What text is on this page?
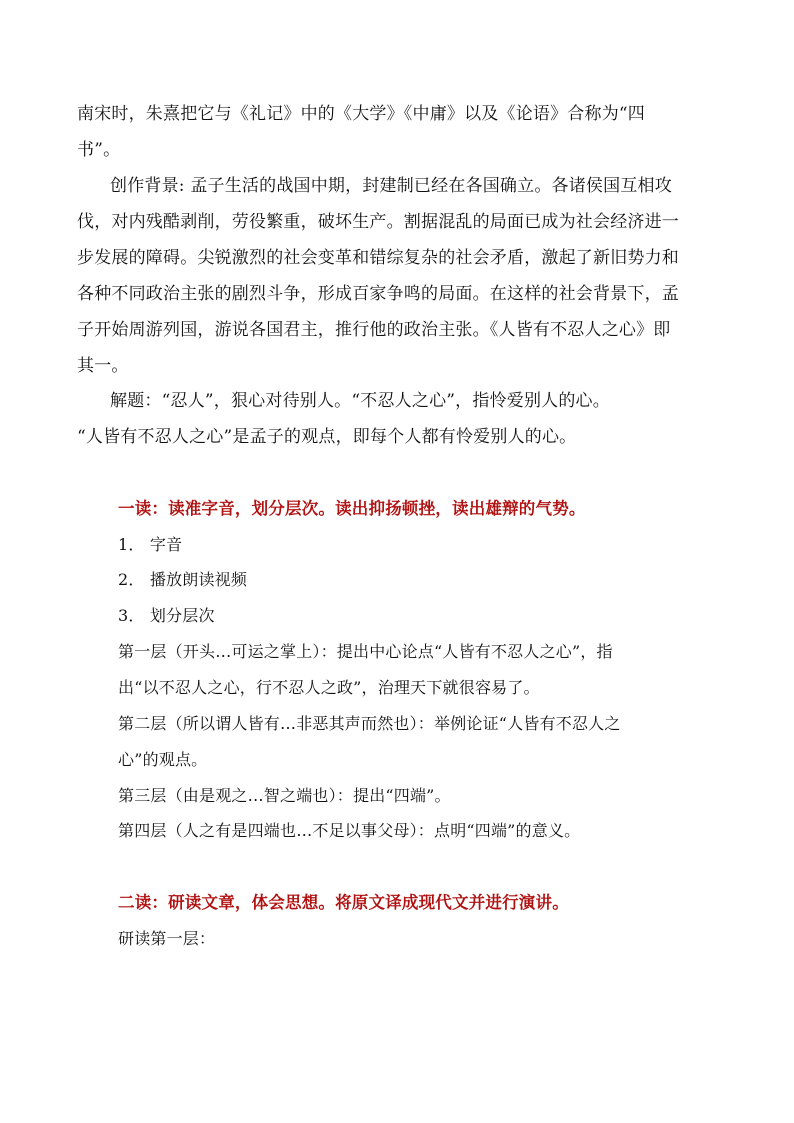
南宋时，朱熹把它与《礼记》中的《大学》《中庸》以及《论语》合称为“四
书”。
创作背景: 孟子生活的战国中期，封建制已经在各国确立。各诸侯国互相攻
伐，对内残酷剥削，劳役繁重，破坏生产。割据混乱的局面已成为社会经济进一
步发展的障碍。尖锐激烈的社会变革和错综复杂的社会矛盾，激起了新旧势力和
各种不同政治主张的剧烈斗争，形成百家争鸣的局面。在这样的社会背景下，孟
子开始周游列国，游说各国君主，推行他的政治主张。《人皆有不忍人之心》即
其一。
解题：“忍人”，狠心对待别人。“不忍人之心”，指怜爱别人的心。
“人皆有不忍人之心”是孟子的观点，即每个人都有怜爱别人的心。
一读：读准字音，划分层次。读出抑扬顿挫，读出雄辩的气势。
1． 字音
2． 播放朗读视频
3． 划分层次
第一层（开头…可运之掌上）：提出中心论点“人皆有不忍人之心”，指
出“以不忍人之心，行不忍人之政”，治理天下就很容易了。
第二层（所以谓人皆有…非恶其声而然也）：举例论证“人皆有不忍人之
心”的观点。
第三层（由是观之…智之端也）：提出“四端”。
第四层（人之有是四端也…不足以事父母）：点明“四端”的意义。
二读：研读文章，体会思想。将原文译成现代文并进行演讲。
研读第一层：
